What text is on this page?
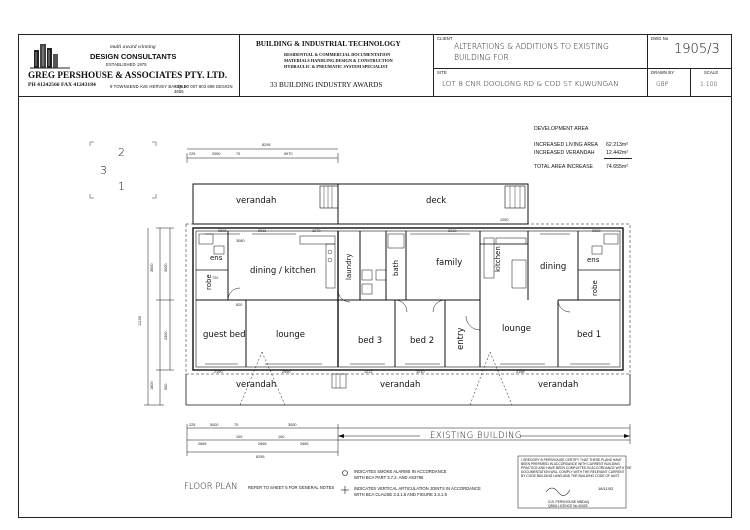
multi award winning
DESIGN CONSULTANTS
ESTABLISHED 1978
GREG PERSHOUSE & ASSOCIATES PTY. LTD.
PH 41242566 FAX 41243184	9 TOWNSEND AVE HERVEY BAY QLD
ABN 60 007 803 698 DESIGN 4655
BUILDING & INDUSTRIAL TECHNOLOGY
RESIDENTIAL & COMMERCIAL DOCUMENTATION
MATERIALS HANDLING DESIGN & CONSTRUCTION
HYDRAULIC & PNEUMATIC SYSTEM SPECIALIST
33 BUILDING INDUSTRY AWARDS
CLIENT
ALTERATIONS & ADDITIONS TO EXISTING
BUILDING FOR
SITE
LOT 8 CNR DOOLONG RD & COD ST KUWUNGAN
DWG No
1905/3
DRAWN BY
GBP
SCALE
1:100
2
3
1
DEVELOPMENT AREA
INCREASED LIVING AREA 62.213m²
INCREASED VERANDAH 12.442m²
TOTAL AREA INCREASE	74.655m²
verandah	deck
ens
robe
dining / kitchen
guest bed	lounge
laundry	bath	family	kitchen	dining
ens
robe
bed 3	bed 2	entry	lounge
bed 1
verandah	verandah	verandah
8295
225	2050	70	5970
3080
0808	1270	0909
2911	2210
2190	2990	1212	1210	2198
1250
820
720
11100
3600	3000
2300
1800	900
225	5000	70	3000
2665
100
2665
100
2665
8295
EXISTING BUILDING
FLOOR PLAN REFER TO SHEET 5 FOR GENERAL NOTES
INDICATES SMOKE ALARMS IN ACCORDANCE
WITH BCA PART 3.7.2. AND AS3786
INDICATES VERTICAL ARTICULATION JOINTS IN ACCORDANCE
WITH BCA CLAUSE 3.3.1.8 AND FIGURE 3.3.1.9
I GREGORY B PERSHOUSE CERTIFY THAT THESE PLANS HAVE
BEEN PREPARED IN ACCORDANCE WITH CURRENT BUILDING
PRACTICE AND HAVE BEEN COMPLETED IN ACCORDANCE WITH THE
DOCUMENTATION WILL COMPLY WITH THE RELEVANT CURRENT
BY CODE BUILDING LAWS AND THE BUILDING CODE OF AUST.
18/11/02
G.B. PERSHOUSE MBDAQ
QBSA LICENCE No 40425
